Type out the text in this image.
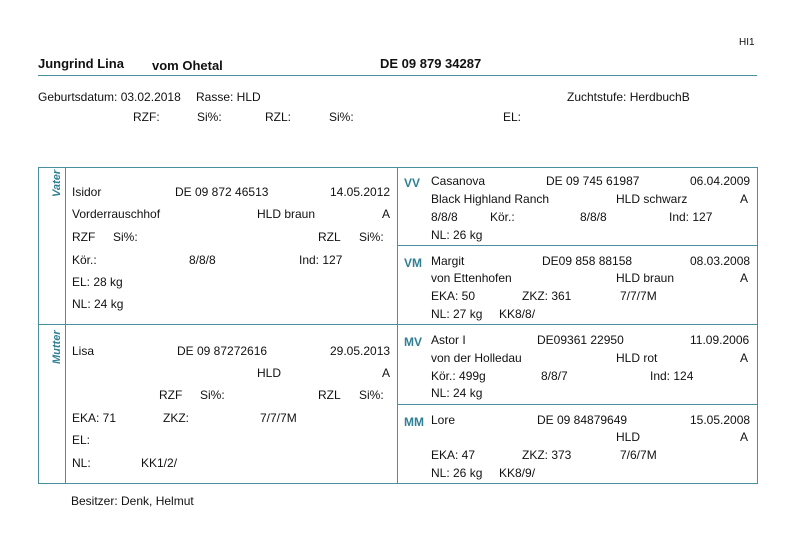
HI1
Jungrind Lina vom Ohetal	DE 09 879 34287
Geburtsdatum: 03.02.2018 Rasse: HLD	Zuchtstufe: HerdbuchB
RZF:	Si%:	RZL:	Si%:	EL:
Vater
Mutter
Isidor	DE 09 872 46513	14.05.2012
Vorderrauschhof	HLD braun	A
RZF Si%:	RZL Si%:
Kör.:	8/8/8	Ind: 127
EL: 28 kg
NL: 24 kg
Lisa	DE 09 87272616	29.05.2013
HLD	A
RZF Si%:	RZL Si%:
EKA: 71	ZKZ:	7/7/7M
EL:
NL:	KK1/2/
VV Casanova	DE 09 745 61987	06.04.2009
Black Highland Ranch	HLD schwarz	A
8/8/8	Kör.:	8/8/8	Ind: 127
NL: 26 kg
VM Margit	DE09 858 88158	08.03.2008
von Ettenhofen	HLD braun	A
EKA: 50	ZKZ: 361	7/7/7M
NL: 27 kg KK8/8/
MV Astor I	DE09361 22950	11.09.2006
von der Holledau	HLD rot	A
Kör.: 499g	8/8/7	Ind: 124
NL: 24 kg
MM Lore	DE 09 84879649	15.05.2008
HLD	A
EKA: 47	ZKZ: 373	7/6/7M
NL: 26 kg KK8/9/
Besitzer: Denk, Helmut
